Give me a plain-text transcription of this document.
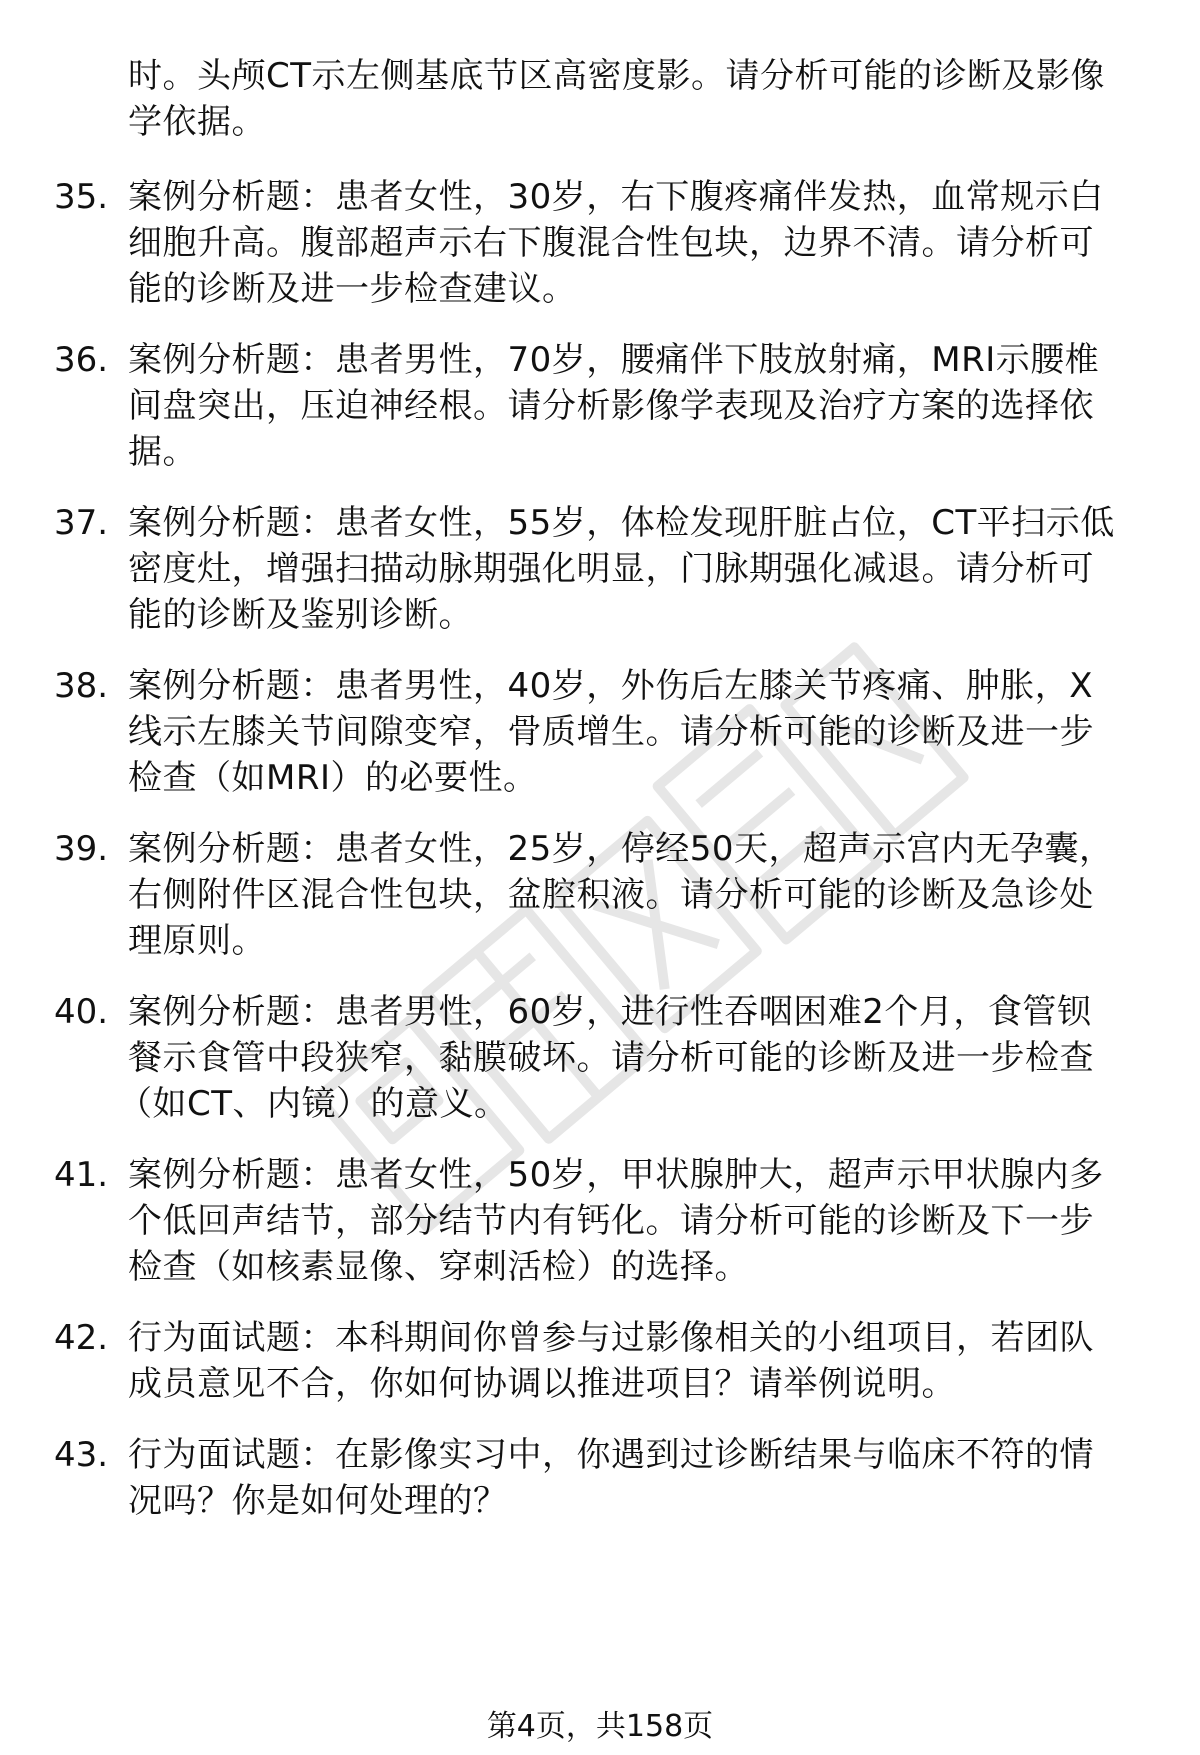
时。头颅CT示左侧基底节区高密度影。请分析可能的诊断及影像
学依据。
35. 案例分析题：患者女性，30岁，右下腹疼痛伴发热，血常规示白
细胞升高。腹部超声示右下腹混合性包块，边界不清。请分析可
能的诊断及进一步检查建议。
36. 案例分析题：患者男性，70岁，腰痛伴下肢放射痛，MRI示腰椎
间盘突出，压迫神经根。请分析影像学表现及治疗方案的选择依
据。
37. 案例分析题：患者女性，55岁，体检发现肝脏占位，CT平扫示低
密度灶，增强扫描动脉期强化明显，门脉期强化减退。请分析可
能的诊断及鉴别诊断。
38. 案例分析题：患者男性，40岁，外伤后左膝关节疼痛、肿胀，X
线示左膝关节间隙变窄，骨质增生。请分析可能的诊断及进一步
检查（如MRI）的必要性。
39. 案例分析题：患者女性，25岁，停经50天，超声示宫内无孕囊，
右侧附件区混合性包块，盆腔积液。请分析可能的诊断及急诊处
理原则。
40. 案例分析题：患者男性，60岁，进行性吞咽困难2个月，食管钡
餐示食管中段狭窄，黏膜破坏。请分析可能的诊断及进一步检查
（如CT、内镜）的意义。
41. 案例分析题：患者女性，50岁，甲状腺肿大，超声示甲状腺内多
个低回声结节，部分结节内有钙化。请分析可能的诊断及下一步
检查（如核素显像、穿刺活检）的选择。
42. 行为面试题：本科期间你曾参与过影像相关的小组项目，若团队
成员意见不合，你如何协调以推进项目？请举例说明。
43. 行为面试题：在影像实习中，你遇到过诊断结果与临床不符的情
况吗？你是如何处理的？
第4页，共158页
